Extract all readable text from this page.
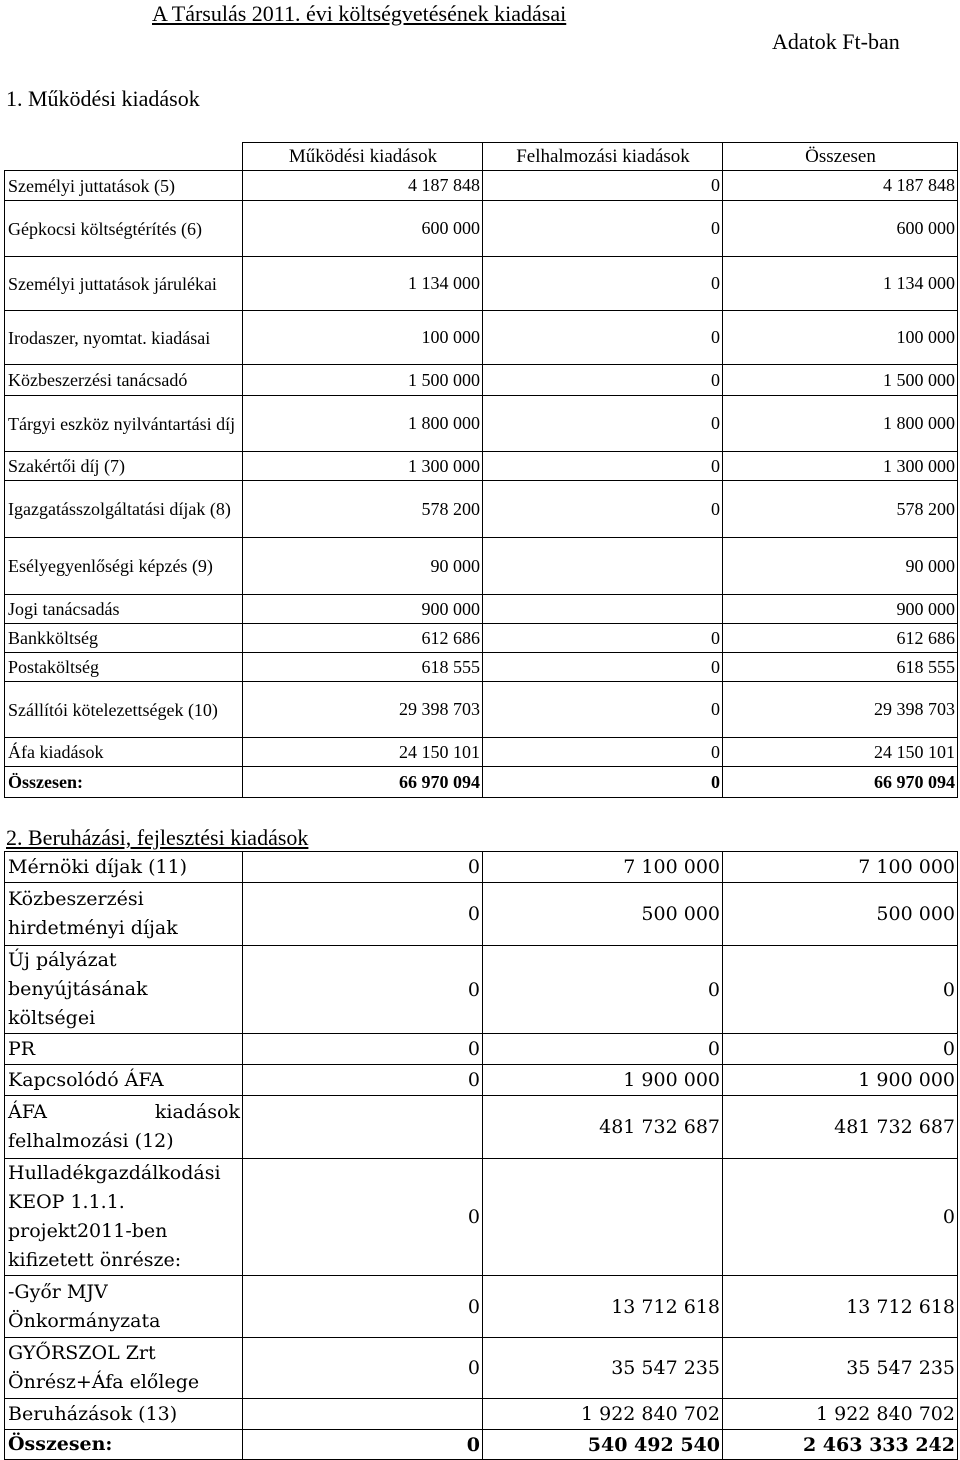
A Társulás 2011. évi költségvetésének kiadásai
Adatok Ft-ban
1. Működési kiadások
	Működési kiadások	Felhalmozási kiadások	Összesen
Személyi juttatások (5)	4 187 848	0	4 187 848
Gépkocsi költségtérítés (6)	600 000	0	600 000
Személyi juttatások járulékai	1 134 000	0	1 134 000
Irodaszer, nyomtat. kiadásai	100 000	0	100 000
Közbeszerzési tanácsadó	1 500 000	0	1 500 000
Tárgyi eszköz nyilvántartási díj	1 800 000	0	1 800 000
Szakértői díj (7)	1 300 000	0	1 300 000
Igazgatásszolgáltatási díjak (8)	578 200	0	578 200
Esélyegyenlőségi képzés (9)	90 000		90 000
Jogi tanácsadás	900 000		900 000
Bankköltség	612 686	0	612 686
Postaköltség	618 555	0	618 555
Szállítói kötelezettségek (10)	29 398 703	0	29 398 703
Áfa kiadások	24 150 101	0	24 150 101
Összesen:	66 970 094	0	66 970 094
2. Beruházási, fejlesztési kiadások
Mérnöki díjak (11)	0	7 100 000	7 100 000
Közbeszerzési hirdetményi díjak	0	500 000	500 000
Új pályázat benyújtásának költségei	0	0	0
PR	0	0	0
Kapcsolódó ÁFA	0	1 900 000	1 900 000
ÁFA kiadások felhalmozási (12)		481 732 687	481 732 687
Hulladékgazdálkodási KEOP 1.1.1. projekt2011-ben kifizetett önrésze:	0		0
-Győr MJV Önkormányzata	0	13 712 618	13 712 618
GYŐRSZOL Zrt Önrész+Áfa előlege	0	35 547 235	35 547 235
Beruházások (13)		1 922 840 702	1 922 840 702
Összesen:	0	540 492 540	2 463 333 242
